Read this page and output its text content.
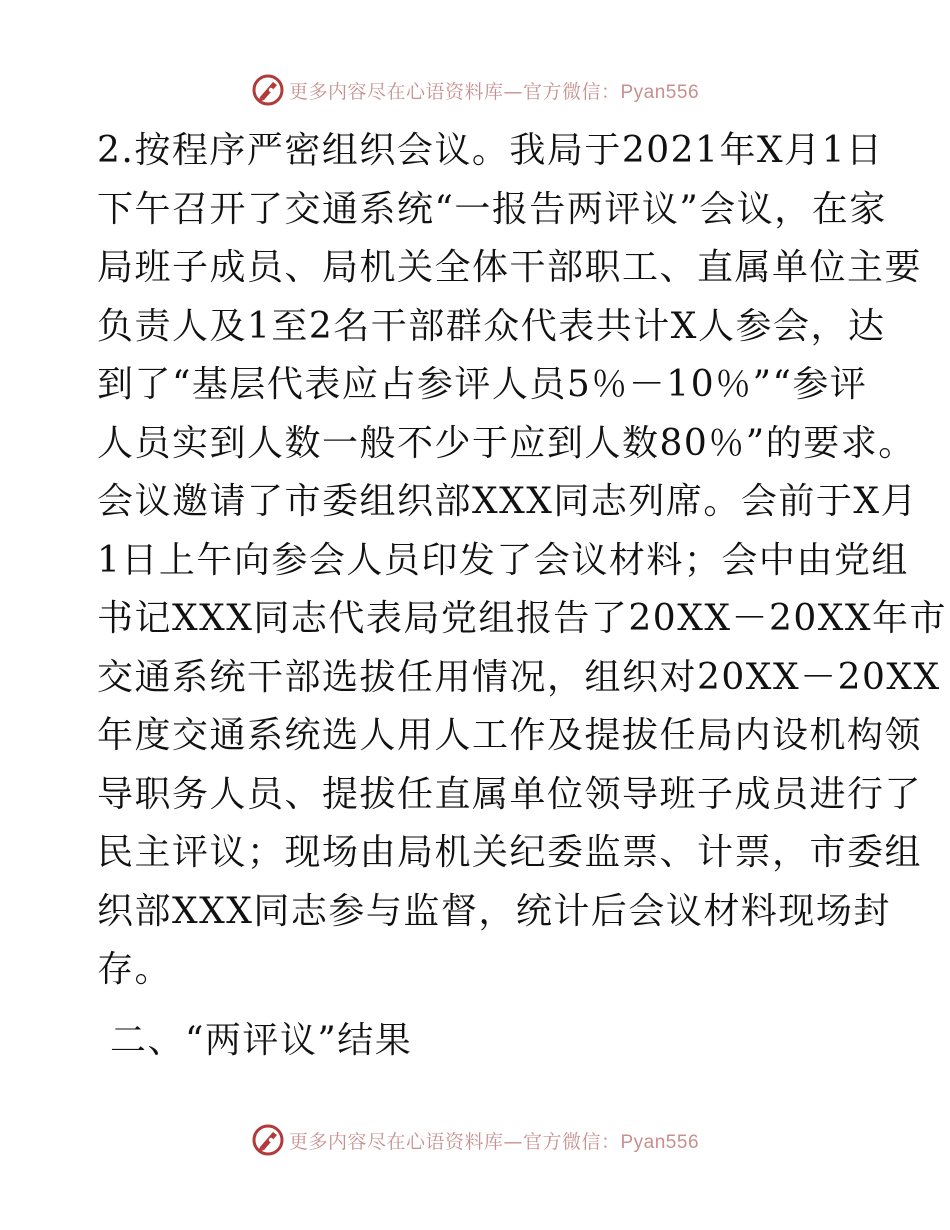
更多内容尽在心语资料库—官方微信：Pyan556

2.按程序严密组织会议。我局于2021年X月1日
下午召开了交通系统“一报告两评议”会议，在家
局班子成员、局机关全体干部职工、直属单位主要
负责人及1至2名干部群众代表共计X人参会，达
到了“基层代表应占参评人员5％－10％”“参评
人员实到人数一般不少于应到人数80％”的要求。
会议邀请了市委组织部XXX同志列席。会前于X月
1日上午向参会人员印发了会议材料；会中由党组
书记XXX同志代表局党组报告了20XX－20XX年市
交通系统干部选拔任用情况，组织对20XX－20XX
年度交通系统选人用人工作及提拔任局内设机构领
导职务人员、提拔任直属单位领导班子成员进行了
民主评议；现场由局机关纪委监票、计票，市委组
织部XXX同志参与监督，统计后会议材料现场封
存。

二、“两评议”结果
更多内容尽在心语资料库—官方微信：Pyan556
